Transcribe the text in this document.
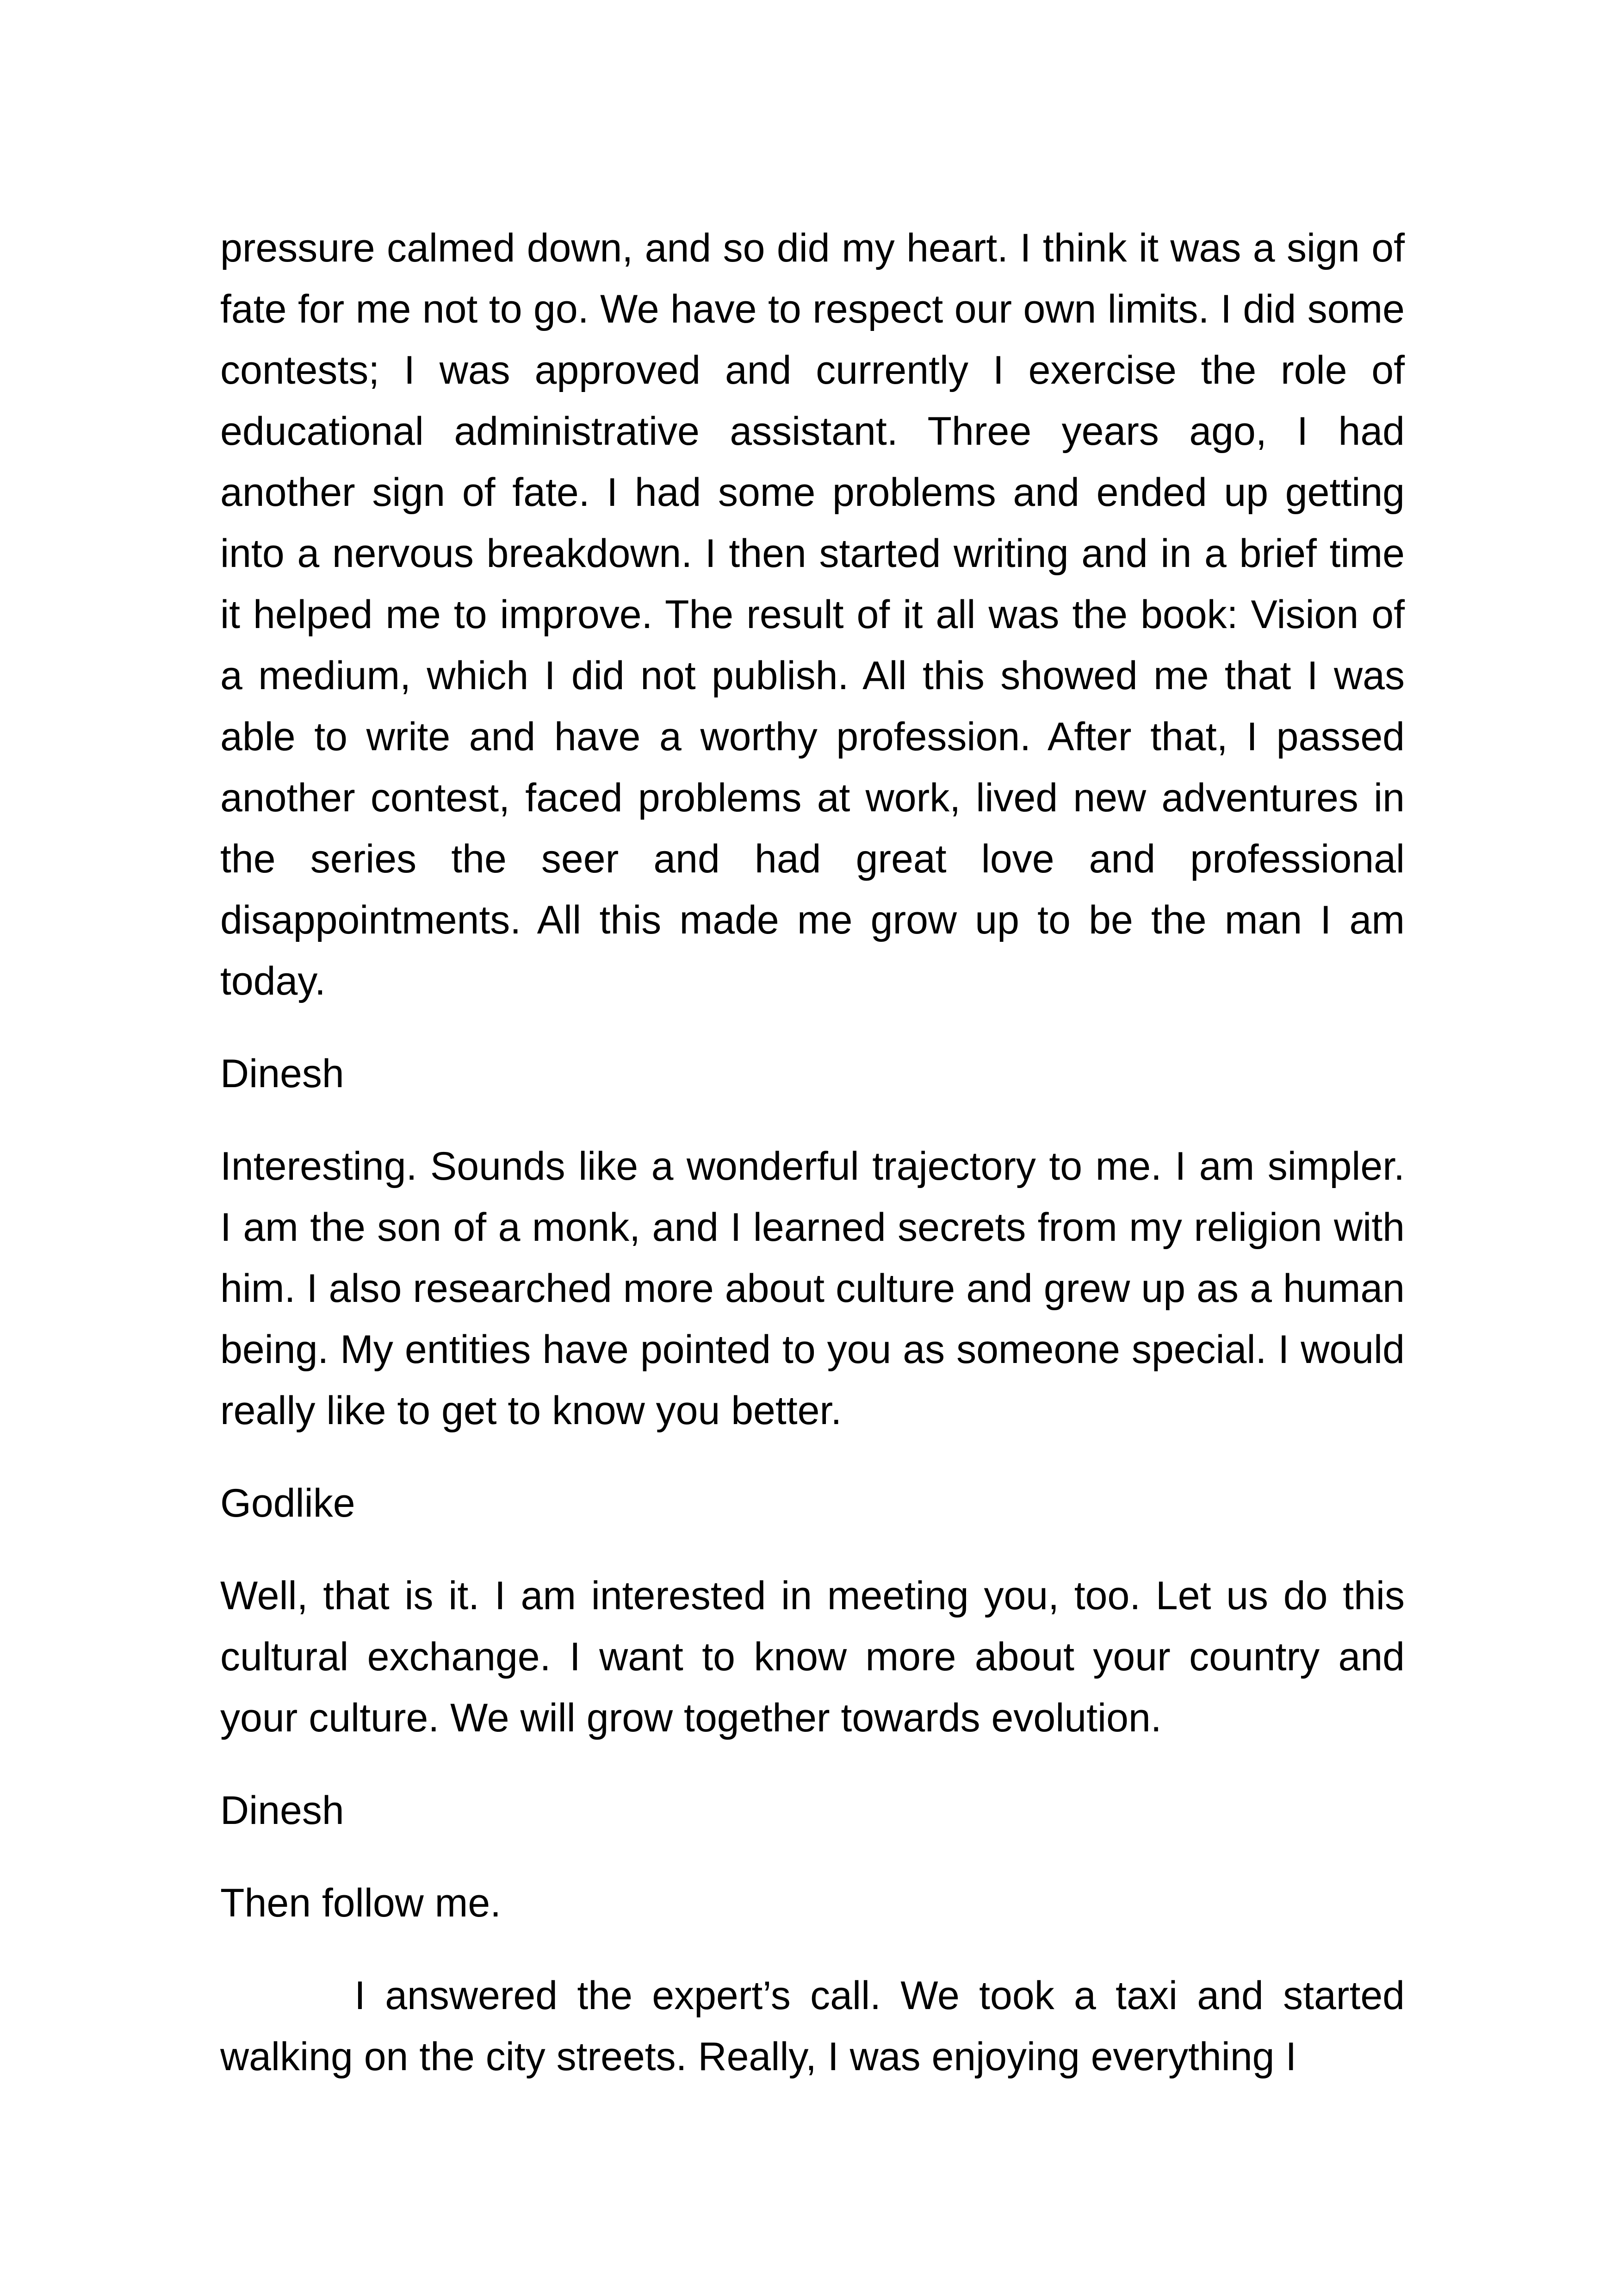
pressure calmed down, and so did my heart. I think it was a sign of fate for me not to go. We have to respect our own limits. I did some contests; I was approved and currently I exercise the role of educational administrative assistant. Three years ago, I had another sign of fate. I had some problems and ended up getting into a nervous breakdown. I then started writing and in a brief time it helped me to improve. The result of it all was the book: Vision of a medium, which I did not publish. All this showed me that I was able to write and have a worthy profession. After that, I passed another contest, faced problems at work, lived new adventures in the series the seer and had great love and professional disappointments. All this made me grow up to be the man I am today.

Dinesh

Interesting. Sounds like a wonderful trajectory to me. I am simpler. I am the son of a monk, and I learned secrets from my religion with him. I also researched more about culture and grew up as a human being. My entities have pointed to you as someone special. I would really like to get to know you better.

Godlike

Well, that is it. I am interested in meeting you, too. Let us do this cultural exchange. I want to know more about your country and your culture. We will grow together towards evolution.

Dinesh

Then follow me.

I answered the expert’s call. We took a taxi and started walking on the city streets. Really, I was enjoying everything I
